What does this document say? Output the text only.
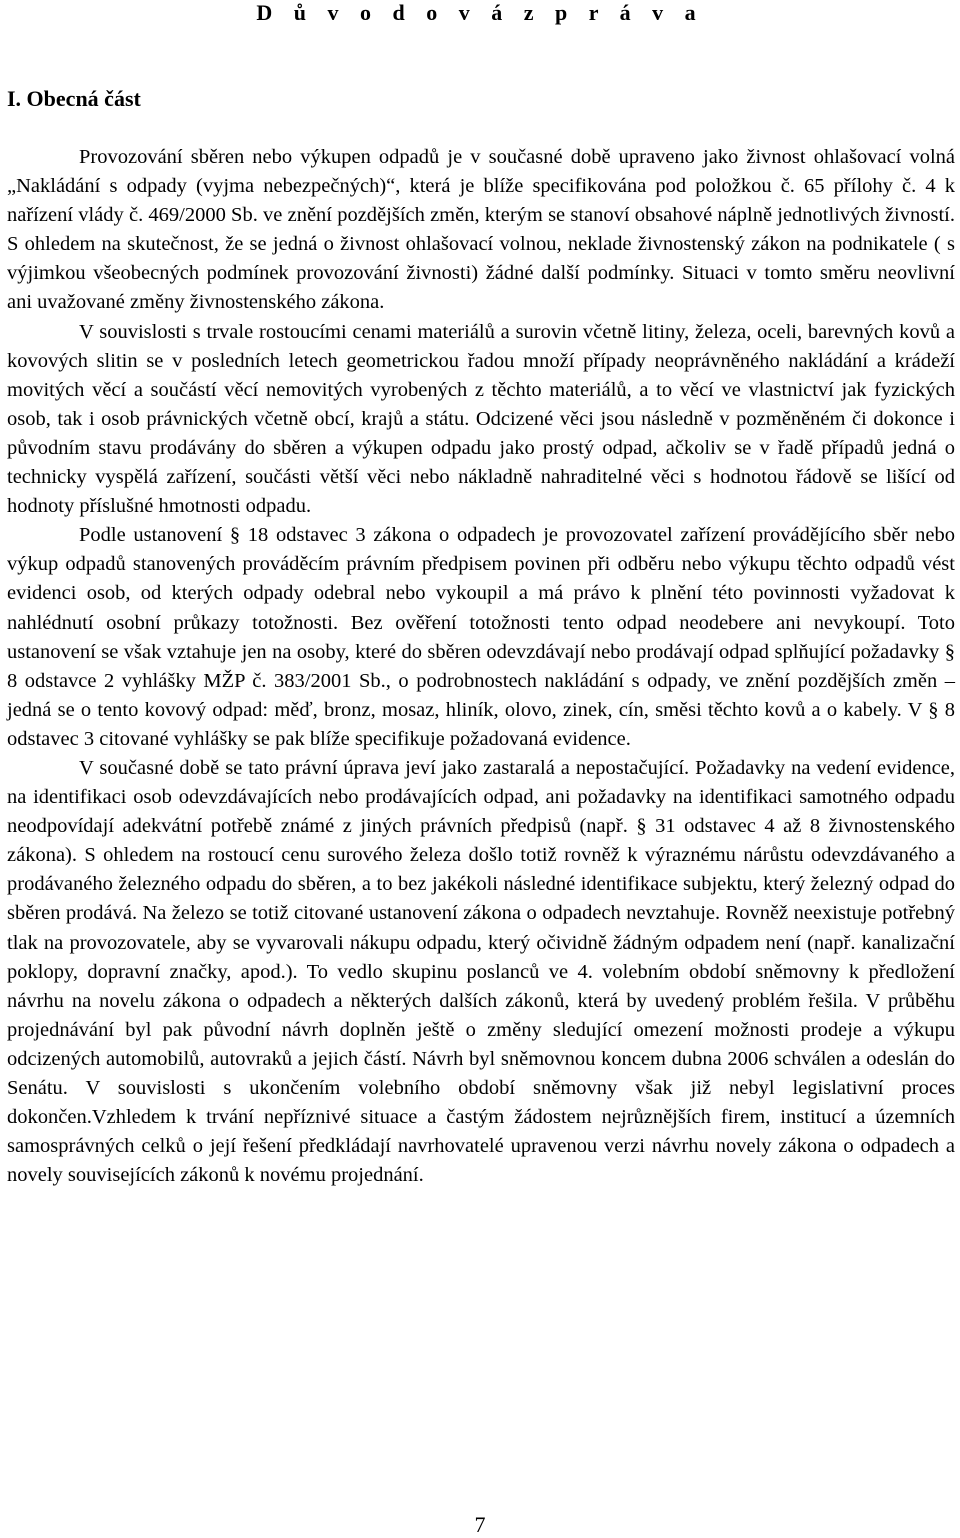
D ů v o d o v á z p r á v a
I. Obecná část

Provozování sběren nebo výkupen odpadů je v současné době upraveno jako živnost ohlašovací volná „Nakládání s odpady (vyjma nebezpečných)“, která je blíže specifikována pod položkou č. 65 přílohy č. 4 k nařízení vlády č. 469/2000 Sb. ve znění pozdějších změn, kterým se stanoví obsahové náplně jednotlivých živností. S ohledem na skutečnost, že se jedná o živnost ohlašovací volnou, neklade živnostenský zákon na podnikatele ( s výjimkou všeobecných podmínek provozování živnosti) žádné další podmínky. Situaci v tomto směru neovlivní ani uvažované změny živnostenského zákona.

V souvislosti s trvale rostoucími cenami materiálů a surovin včetně litiny, železa, oceli, barevných kovů a kovových slitin se v posledních letech geometrickou řadou množí případy neoprávněného nakládání a krádeží movitých věcí a součástí věcí nemovitých vyrobených z těchto materiálů, a to věcí ve vlastnictví jak fyzických osob, tak i osob právnických včetně obcí, krajů a státu. Odcizené věci jsou následně v pozměněném či dokonce i původním stavu prodávány do sběren a výkupen odpadu jako prostý odpad, ačkoliv se v řadě případů jedná o technicky vyspělá zařízení, součásti větší věci nebo nákladně nahraditelné věci s hodnotou řádově se lišící od hodnoty příslušné hmotnosti odpadu.

Podle ustanovení § 18 odstavec 3 zákona o odpadech je provozovatel zařízení provádějícího sběr nebo výkup odpadů stanovených prováděcím právním předpisem povinen při odběru nebo výkupu těchto odpadů vést evidenci osob, od kterých odpady odebral nebo vykoupil a má právo k plnění této povinnosti vyžadovat k nahlédnutí osobní průkazy totožnosti. Bez ověření totožnosti tento odpad neodebere ani nevykoupí. Toto ustanovení se však vztahuje jen na osoby, které do sběren odevzdávají nebo prodávají odpad splňující požadavky § 8 odstavce 2 vyhlášky MŽP č. 383/2001 Sb., o podrobnostech nakládání s odpady, ve znění pozdějších změn – jedná se o tento kovový odpad: měď, bronz, mosaz, hliník, olovo, zinek, cín, směsi těchto kovů a o kabely. V § 8 odstavec 3 citované vyhlášky se pak blíže specifikuje požadovaná evidence.

V současné době se tato právní úprava jeví jako zastaralá a nepostačující. Požadavky na vedení evidence, na identifikaci osob odevzdávajících nebo prodávajících odpad, ani požadavky na identifikaci samotného odpadu neodpovídají adekvátní potřebě známé z jiných právních předpisů (např. § 31 odstavec 4 až 8 živnostenského zákona). S ohledem na rostoucí cenu surového železa došlo totiž rovněž k výraznému nárůstu odevzdávaného a prodávaného železného odpadu do sběren, a to bez jakékoli následné identifikace subjektu, který železný odpad do sběren prodává. Na železo se totiž citované ustanovení zákona o odpadech nevztahuje. Rovněž neexistuje potřebný tlak na provozovatele, aby se vyvarovali nákupu odpadu, který očividně žádným odpadem není (např. kanalizační poklopy, dopravní značky, apod.). To vedlo skupinu poslanců ve 4. volebním období sněmovny k předložení návrhu na novelu zákona o odpadech a některých dalších zákonů, která by uvedený problém řešila. V průběhu projednávání byl pak původní návrh doplněn ještě o změny sledující omezení možnosti prodeje a výkupu odcizených automobilů, autovraků a jejich částí. Návrh byl sněmovnou koncem dubna 2006 schválen a odeslán do Senátu. V souvislosti s ukončením volebního období sněmovny však již nebyl legislativní proces dokončen.Vzhledem k trvání nepříznivé situace a častým žádostem nejrůznějších firem, institucí a územních samosprávných celků o její řešení předkládají navrhovatelé upravenou verzi návrhu novely zákona o odpadech a novely souvisejících zákonů k novému projednání.

7
